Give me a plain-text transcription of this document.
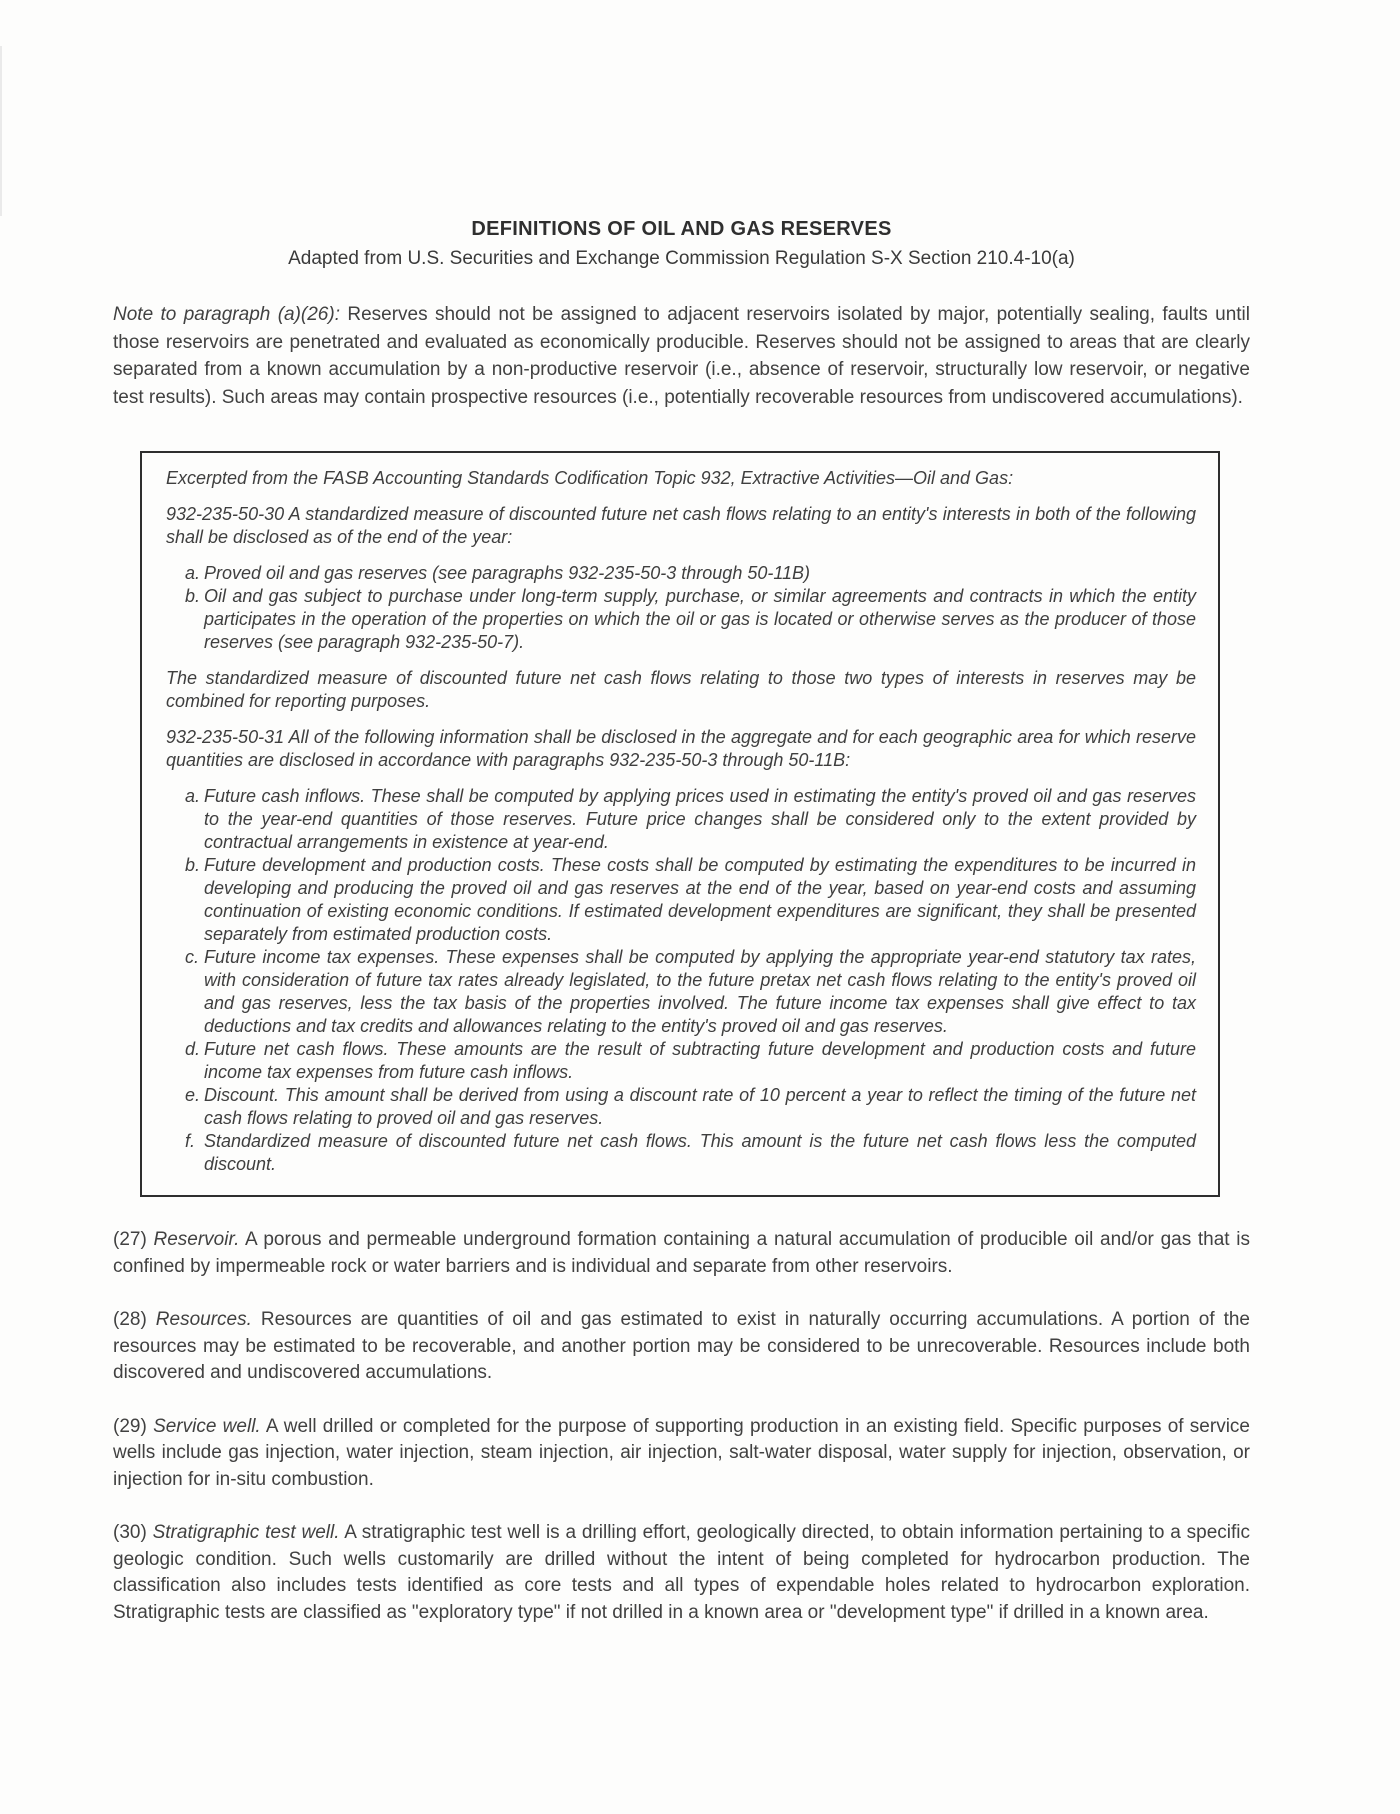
DEFINITIONS OF OIL AND GAS RESERVES
Adapted from U.S. Securities and Exchange Commission Regulation S-X Section 210.4-10(a)

Note to paragraph (a)(26): Reserves should not be assigned to adjacent reservoirs isolated by major, potentially sealing, faults until those reservoirs are penetrated and evaluated as economically producible. Reserves should not be assigned to areas that are clearly separated from a known accumulation by a non-productive reservoir (i.e., absence of reservoir, structurally low reservoir, or negative test results). Such areas may contain prospective resources (i.e., potentially recoverable resources from undiscovered accumulations).

Excerpted from the FASB Accounting Standards Codification Topic 932, Extractive Activities—Oil and Gas:

932-235-50-30 A standardized measure of discounted future net cash flows relating to an entity's interests in both of the following shall be disclosed as of the end of the year:

a. Proved oil and gas reserves (see paragraphs 932-235-50-3 through 50-11B)
b. Oil and gas subject to purchase under long-term supply, purchase, or similar agreements and contracts in which the entity participates in the operation of the properties on which the oil or gas is located or otherwise serves as the producer of those reserves (see paragraph 932-235-50-7).

The standardized measure of discounted future net cash flows relating to those two types of interests in reserves may be combined for reporting purposes.

932-235-50-31 All of the following information shall be disclosed in the aggregate and for each geographic area for which reserve quantities are disclosed in accordance with paragraphs 932-235-50-3 through 50-11B:

a. Future cash inflows. These shall be computed by applying prices used in estimating the entity's proved oil and gas reserves to the year-end quantities of those reserves. Future price changes shall be considered only to the extent provided by contractual arrangements in existence at year-end.
b. Future development and production costs. These costs shall be computed by estimating the expenditures to be incurred in developing and producing the proved oil and gas reserves at the end of the year, based on year-end costs and assuming continuation of existing economic conditions. If estimated development expenditures are significant, they shall be presented separately from estimated production costs.
c. Future income tax expenses. These expenses shall be computed by applying the appropriate year-end statutory tax rates, with consideration of future tax rates already legislated, to the future pretax net cash flows relating to the entity's proved oil and gas reserves, less the tax basis of the properties involved. The future income tax expenses shall give effect to tax deductions and tax credits and allowances relating to the entity's proved oil and gas reserves.
d. Future net cash flows. These amounts are the result of subtracting future development and production costs and future income tax expenses from future cash inflows.
e. Discount. This amount shall be derived from using a discount rate of 10 percent a year to reflect the timing of the future net cash flows relating to proved oil and gas reserves.
f. Standardized measure of discounted future net cash flows. This amount is the future net cash flows less the computed discount.

(27) Reservoir. A porous and permeable underground formation containing a natural accumulation of producible oil and/or gas that is confined by impermeable rock or water barriers and is individual and separate from other reservoirs.

(28) Resources. Resources are quantities of oil and gas estimated to exist in naturally occurring accumulations. A portion of the resources may be estimated to be recoverable, and another portion may be considered to be unrecoverable. Resources include both discovered and undiscovered accumulations.

(29) Service well. A well drilled or completed for the purpose of supporting production in an existing field. Specific purposes of service wells include gas injection, water injection, steam injection, air injection, salt-water disposal, water supply for injection, observation, or injection for in-situ combustion.

(30) Stratigraphic test well. A stratigraphic test well is a drilling effort, geologically directed, to obtain information pertaining to a specific geologic condition. Such wells customarily are drilled without the intent of being completed for hydrocarbon production. The classification also includes tests identified as core tests and all types of expendable holes related to hydrocarbon exploration. Stratigraphic tests are classified as "exploratory type" if not drilled in a known area or "development type" if drilled in a known area.
